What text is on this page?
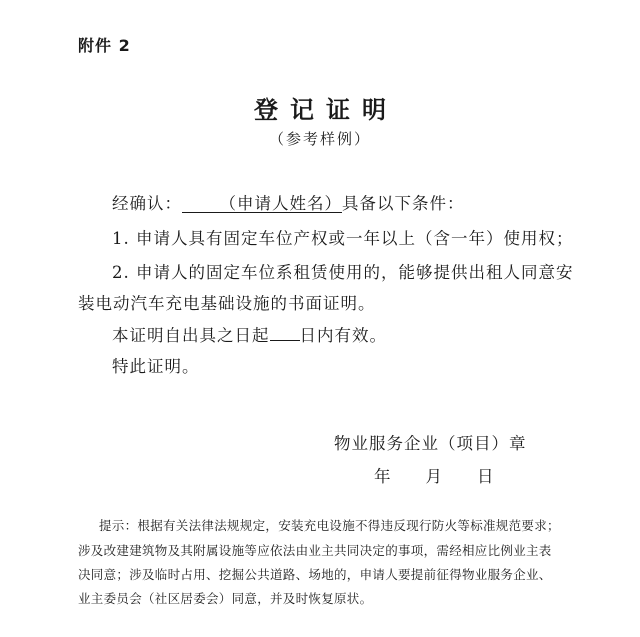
附件 2
登记证明
（参考样例）
经确认： （申请人姓名）具备以下条件：
1. 申请人具有固定车位产权或一年以上（含一年）使用权；
2. 申请人的固定车位系租赁使用的，能够提供出租人同意安
装电动汽车充电基础设施的书面证明。
本证明自出具之日起 日内有效。
特此证明。
物业服务企业（项目）章
年 月 日
提示：根据有关法律法规规定，安装充电设施不得违反现行防火等标准规范要求；
涉及改建建筑物及其附属设施等应依法由业主共同决定的事项，需经相应比例业主表
决同意；涉及临时占用、挖掘公共道路、场地的，申请人要提前征得物业服务企业、
业主委员会（社区居委会）同意，并及时恢复原状。
